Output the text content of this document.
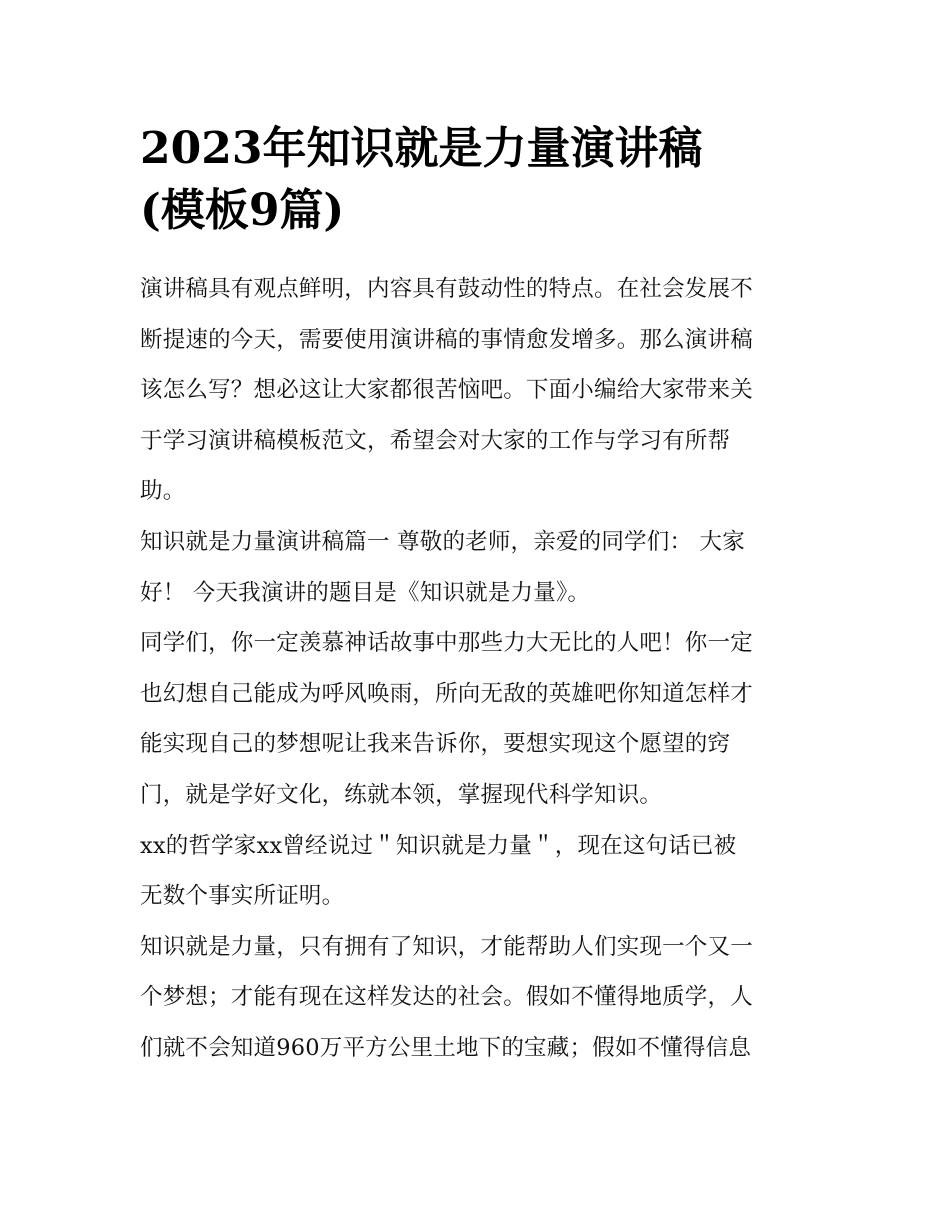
2023年知识就是力量演讲稿
(模板9篇)

演讲稿具有观点鲜明，内容具有鼓动性的特点。在社会发展不
断提速的今天，需要使用演讲稿的事情愈发增多。那么演讲稿
该怎么写？想必这让大家都很苦恼吧。下面小编给大家带来关
于学习演讲稿模板范文，希望会对大家的工作与学习有所帮
助。

知识就是力量演讲稿篇一 尊敬的老师，亲爱的同学们： 大家
好！ 今天我演讲的题目是《知识就是力量》。

同学们，你一定羡慕神话故事中那些力大无比的人吧！你一定
也幻想自己能成为呼风唤雨，所向无敌的英雄吧你知道怎样才
能实现自己的梦想呢让我来告诉你，要想实现这个愿望的窍
门，就是学好文化，练就本领，掌握现代科学知识。

xx的哲学家xx曾经说过＂知识就是力量＂，现在这句话已被
无数个事实所证明。

知识就是力量，只有拥有了知识，才能帮助人们实现一个又一
个梦想；才能有现在这样发达的社会。假如不懂得地质学，人
们就不会知道960万平方公里土地下的宝藏；假如不懂得信息
